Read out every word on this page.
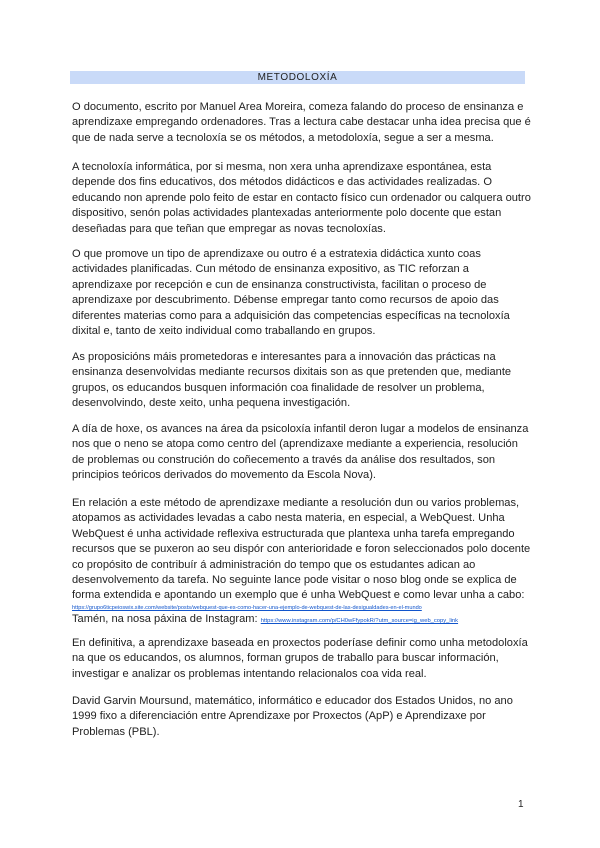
METODOLOXÍA

O documento, escrito por Manuel Area Moreira, comeza falando do proceso de ensinanza e aprendizaxe empregando ordenadores. Tras a lectura cabe destacar unha idea precisa que é que de nada serve a tecnoloxía se os métodos, a metodoloxía, segue a ser a mesma.

A tecnoloxía informática, por si mesma, non xera unha aprendizaxe espontánea, esta depende dos fins educativos, dos métodos didácticos e das actividades realizadas. O educando non aprende polo feito de estar en contacto físico cun ordenador ou calquera outro dispositivo, senón polas actividades plantexadas anteriormente polo docente que estan deseñadas para que teñan que empregar as novas tecnoloxías.

O que promove un tipo de aprendizaxe ou outro é a estratexia didáctica xunto coas actividades planificadas. Cun método de ensinanza expositivo, as TIC reforzan a aprendizaxe por recepción e cun de ensinanza constructivista, facilitan o proceso de aprendizaxe por descubrimento. Débense empregar tanto como recursos de apoio das diferentes materias como para a adquisición das competencias específicas na tecnoloxía dixital e, tanto de xeito individual como traballando en grupos.

As proposicións máis prometedoras e interesantes para a innovación das prácticas na ensinanza desenvolvidas mediante recursos dixitais son as que pretenden que, mediante grupos, os educandos busquen información coa finalidade de resolver un problema, desenvolvindo, deste xeito, unha pequena investigación.

A día de hoxe, os avances na área da psicoloxía infantil deron lugar a modelos de ensinanza nos que o neno se atopa como centro del (aprendizaxe mediante a experiencia, resolución de problemas ou construción do coñecemento a través da análise dos resultados, son principios teóricos derivados do movemento da Escola Nova).

En relación a este método de aprendizaxe mediante a resolución dun ou varios problemas, atopamos as actividades levadas a cabo nesta materia, en especial, a WebQuest. Unha WebQuest é unha actividade reflexiva estructurada que plantexa unha tarefa empregando recursos que se puxeron ao seu dispór con anterioridade e foron seleccionados polo docente co propósito de contribuír á administración do tempo que os estudantes adican ao desenvolvemento da tarefa. No seguinte lance pode visitar o noso blog onde se explica de forma extendida e apontando un exemplo que é unha WebQuest e como levar unha a cabo:
https://grupo6ticpeioswix.site.com/website/posts/webquest-que-es-como-hacer-una-ejemplo-de-webquest-de-las-desigualdades-en-el-mundo
Tamén, na nosa páxina de Instagram: https://www.instagram.com/p/CH0wFfypokR/?utm_source=ig_web_copy_link

En definitiva, a aprendizaxe baseada en proxectos poderíase definir como unha metodoloxía na que os educandos, os alumnos, forman grupos de traballo para buscar información, investigar e analizar os problemas intentando relacionalos coa vida real.

David Garvin Moursund, matemático, informático e educador dos Estados Unidos, no ano 1999 fixo a diferenciación entre Aprendizaxe por Proxectos (ApP) e Aprendizaxe por Problemas (PBL).

1
